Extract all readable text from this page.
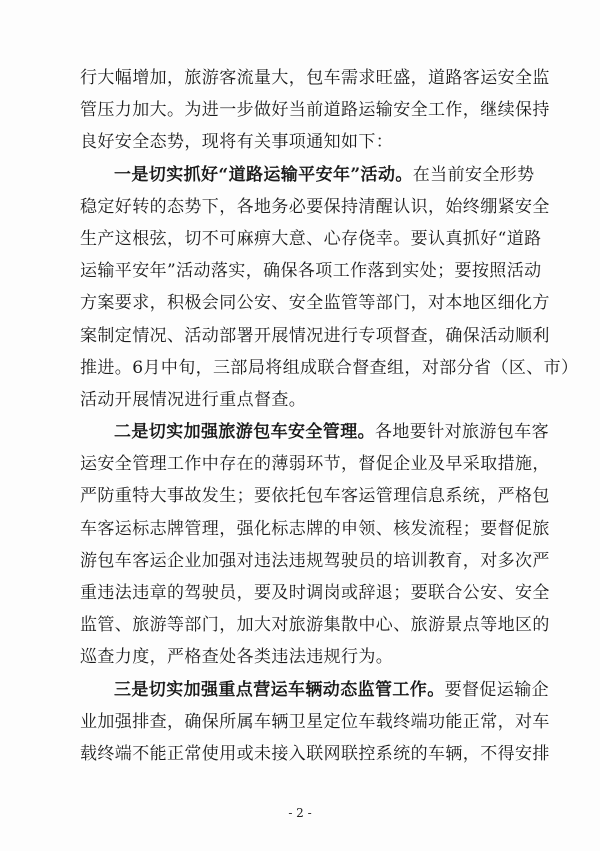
行大幅增加，旅游客流量大，包车需求旺盛，道路客运安全监
管压力加大。为进一步做好当前道路运输安全工作，继续保持
良好安全态势，现将有关事项通知如下：
一是切实抓好“道路运输平安年”活动。在当前安全形势
稳定好转的态势下，各地务必要保持清醒认识，始终绷紧安全
生产这根弦，切不可麻痹大意、心存侥幸。要认真抓好“道路
运输平安年”活动落实，确保各项工作落到实处；要按照活动
方案要求，积极会同公安、安全监管等部门，对本地区细化方
案制定情况、活动部署开展情况进行专项督查，确保活动顺利
推进。6月中旬，三部局将组成联合督查组，对部分省（区、市）
活动开展情况进行重点督查。
二是切实加强旅游包车安全管理。各地要针对旅游包车客
运安全管理工作中存在的薄弱环节，督促企业及早采取措施，
严防重特大事故发生；要依托包车客运管理信息系统，严格包
车客运标志牌管理，强化标志牌的申领、核发流程；要督促旅
游包车客运企业加强对违法违规驾驶员的培训教育，对多次严
重违法违章的驾驶员，要及时调岗或辞退；要联合公安、安全
监管、旅游等部门，加大对旅游集散中心、旅游景点等地区的
巡查力度，严格查处各类违法违规行为。
三是切实加强重点营运车辆动态监管工作。要督促运输企
业加强排查，确保所属车辆卫星定位车载终端功能正常，对车
载终端不能正常使用或未接入联网联控系统的车辆，不得安排
- 2 -
